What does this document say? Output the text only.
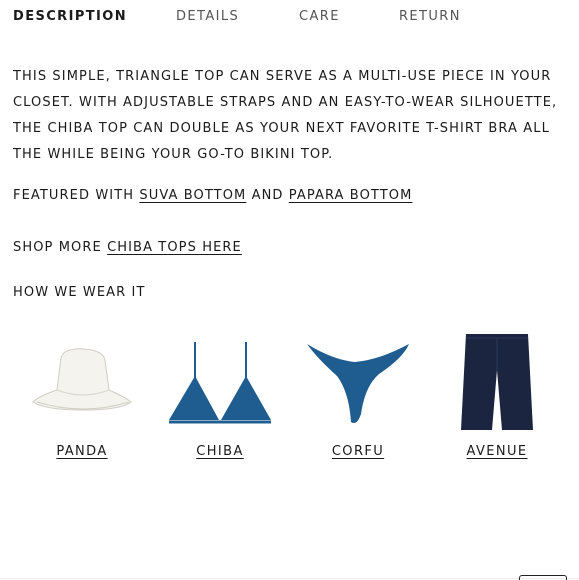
DESCRIPTION	DETAILS	CARE	RETURN

THIS SIMPLE, TRIANGLE TOP CAN SERVE AS A MULTI-USE PIECE IN YOUR CLOSET. WITH ADJUSTABLE STRAPS AND AN EASY-TO-WEAR SILHOUETTE, THE CHIBA TOP CAN DOUBLE AS YOUR NEXT FAVORITE T-SHIRT BRA ALL THE WHILE BEING YOUR GO-TO BIKINI TOP.

FEATURED WITH SUVA BOTTOM AND PAPARA BOTTOM
SHOP MORE CHIBA TOPS HERE
HOW WE WEAR IT
PANDA	CHIBA	CORFU	AVENUE
